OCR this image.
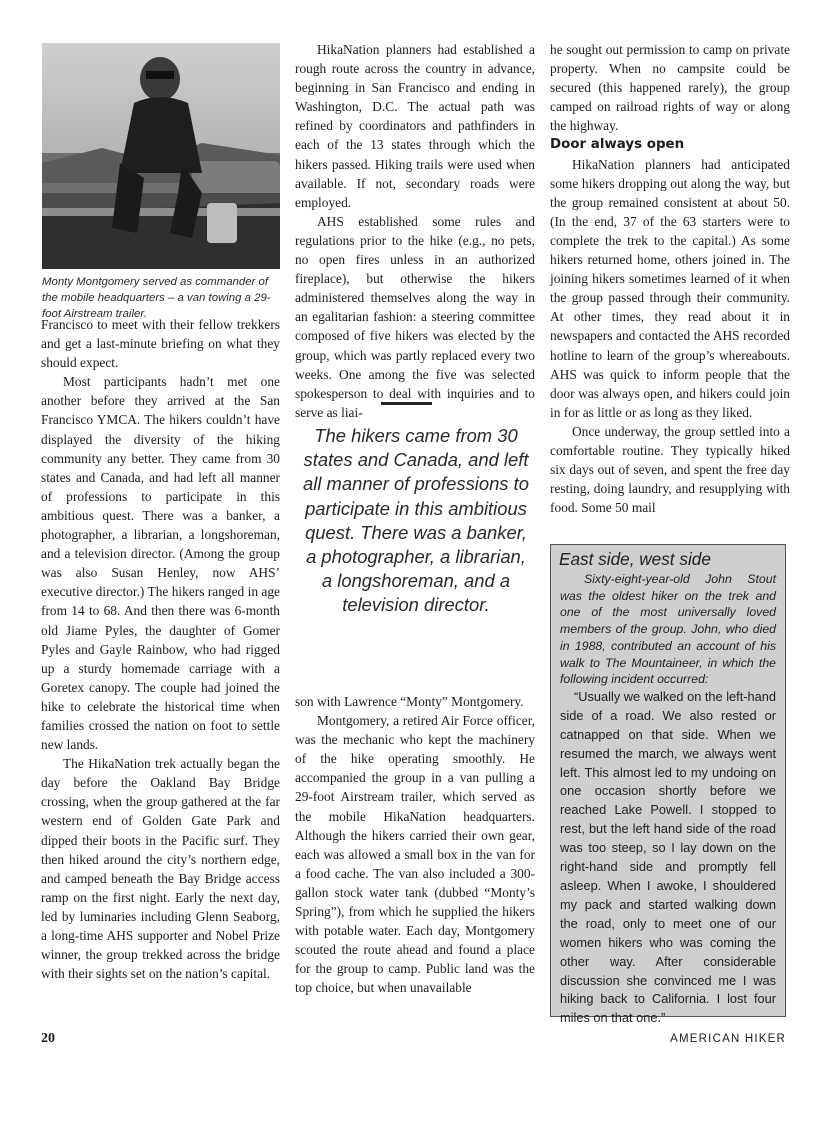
Monty Montgomery served as commander of the mobile headquarters – a van towing a 29-foot Airstream trailer.

Francisco to meet with their fellow trekkers and get a last-minute briefing on what they should expect.

Most participants hadn’t met one another before they arrived at the San Francisco YMCA. The hikers couldn’t have displayed the diversity of the hiking community any better. They came from 30 states and Canada, and had left all manner of professions to participate in this ambitious quest. There was a banker, a photographer, a librarian, a longshoreman, and a television director. (Among the group was also Susan Henley, now AHS’ executive director.) The hikers ranged in age from 14 to 68. And then there was 6-month old Jiame Pyles, the daughter of Gomer Pyles and Gayle Rainbow, who had rigged up a sturdy homemade carriage with a Goretex canopy. The couple had joined the hike to celebrate the historical time when families crossed the nation on foot to settle new lands.

The HikaNation trek actually began the day before the Oakland Bay Bridge crossing, when the group gathered at the far western end of Golden Gate Park and dipped their boots in the Pacific surf. They then hiked around the city’s northern edge, and camped beneath the Bay Bridge access ramp on the first night. Early the next day, led by luminaries including Glenn Seaborg, a long-time AHS supporter and Nobel Prize winner, the group trekked across the bridge with their sights set on the nation’s capital.

HikaNation planners had established a rough route across the country in advance, beginning in San Francisco and ending in Washington, D.C. The actual path was refined by coordinators and pathfinders in each of the 13 states through which the hikers passed. Hiking trails were used when available. If not, secondary roads were employed.

AHS established some rules and regulations prior to the hike (e.g., no pets, no open fires unless in an authorized fireplace), but otherwise the hikers administered themselves along the way in an egalitarian fashion: a steering committee composed of five hikers was elected by the group, which was partly replaced every two weeks. One among the five was selected spokesperson to deal with inquiries and to serve as liai-

The hikers came from 30 states and Canada, and left all manner of professions to participate in this ambitious quest. There was a banker, a photographer, a librarian, a longshoreman, and a television director.

son with Lawrence “Monty” Montgomery.

Montgomery, a retired Air Force officer, was the mechanic who kept the machinery of the hike operating smoothly. He accompanied the group in a van pulling a 29-foot Airstream trailer, which served as the mobile HikaNation headquarters. Although the hikers carried their own gear, each was allowed a small box in the van for a food cache. The van also included a 300-gallon stock water tank (dubbed “Monty’s Spring”), from which he supplied the hikers with potable water. Each day, Montgomery scouted the route ahead and found a place for the group to camp. Public land was the top choice, but when unavailable

he sought out permission to camp on private property. When no campsite could be secured (this happened rarely), the group camped on railroad rights of way or along the highway.

Door always open

HikaNation planners had anticipated some hikers dropping out along the way, but the group remained consistent at about 50. (In the end, 37 of the 63 starters were to complete the trek to the capital.) As some hikers returned home, others joined in. The joining hikers sometimes learned of it when the group passed through their community. At other times, they read about it in newspapers and contacted the AHS recorded hotline to learn of the group’s whereabouts. AHS was quick to inform people that the door was always open, and hikers could join in for as little or as long as they liked.

Once underway, the group settled into a comfortable routine. They typically hiked six days out of seven, and spent the free day resting, doing laundry, and resupplying with food. Some 50 mail

East side, west side

Sixty-eight-year-old John Stout was the oldest hiker on the trek and one of the most universally loved members of the group. John, who died in 1988, contributed an account of his walk to The Mountaineer, in which the following incident occurred:

“Usually we walked on the left-hand side of a road. We also rested or catnapped on that side. When we resumed the march, we always went left. This almost led to my undoing on one occasion shortly before we reached Lake Powell. I stopped to rest, but the left hand side of the road was too steep, so I lay down on the right-hand side and promptly fell asleep. When I awoke, I shouldered my pack and started walking down the road, only to meet one of our women hikers who was coming the other way. After considerable discussion she convinced me I was hiking back to California. I lost four miles on that one.”

20	AMERICAN HIKER
